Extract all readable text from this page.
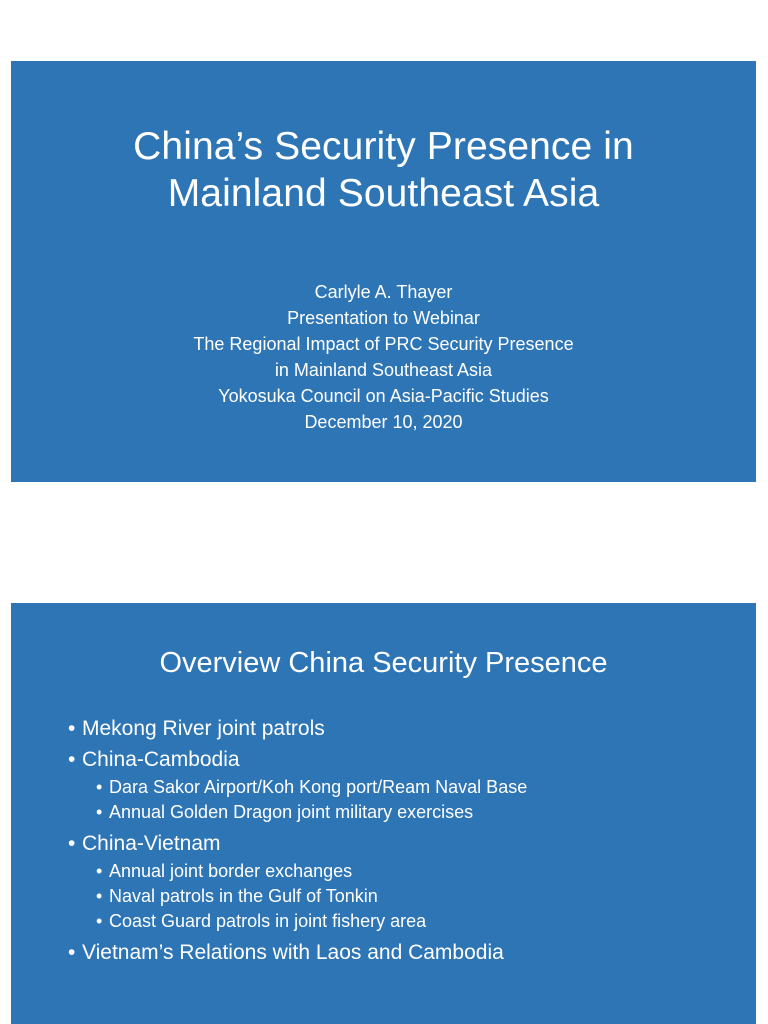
China’s Security Presence in
Mainland Southeast Asia
Carlyle A. Thayer
Presentation to Webinar
The Regional Impact of PRC Security Presence
in Mainland Southeast Asia
Yokosuka Council on Asia-Pacific Studies
December 10, 2020
Overview China Security Presence
• Mekong River joint patrols
• China-Cambodia
• Dara Sakor Airport/Koh Kong port/Ream Naval Base
• Annual Golden Dragon joint military exercises
• China-Vietnam
• Annual joint border exchanges
• Naval patrols in the Gulf of Tonkin
• Coast Guard patrols in joint fishery area
• Vietnam’s Relations with Laos and Cambodia
